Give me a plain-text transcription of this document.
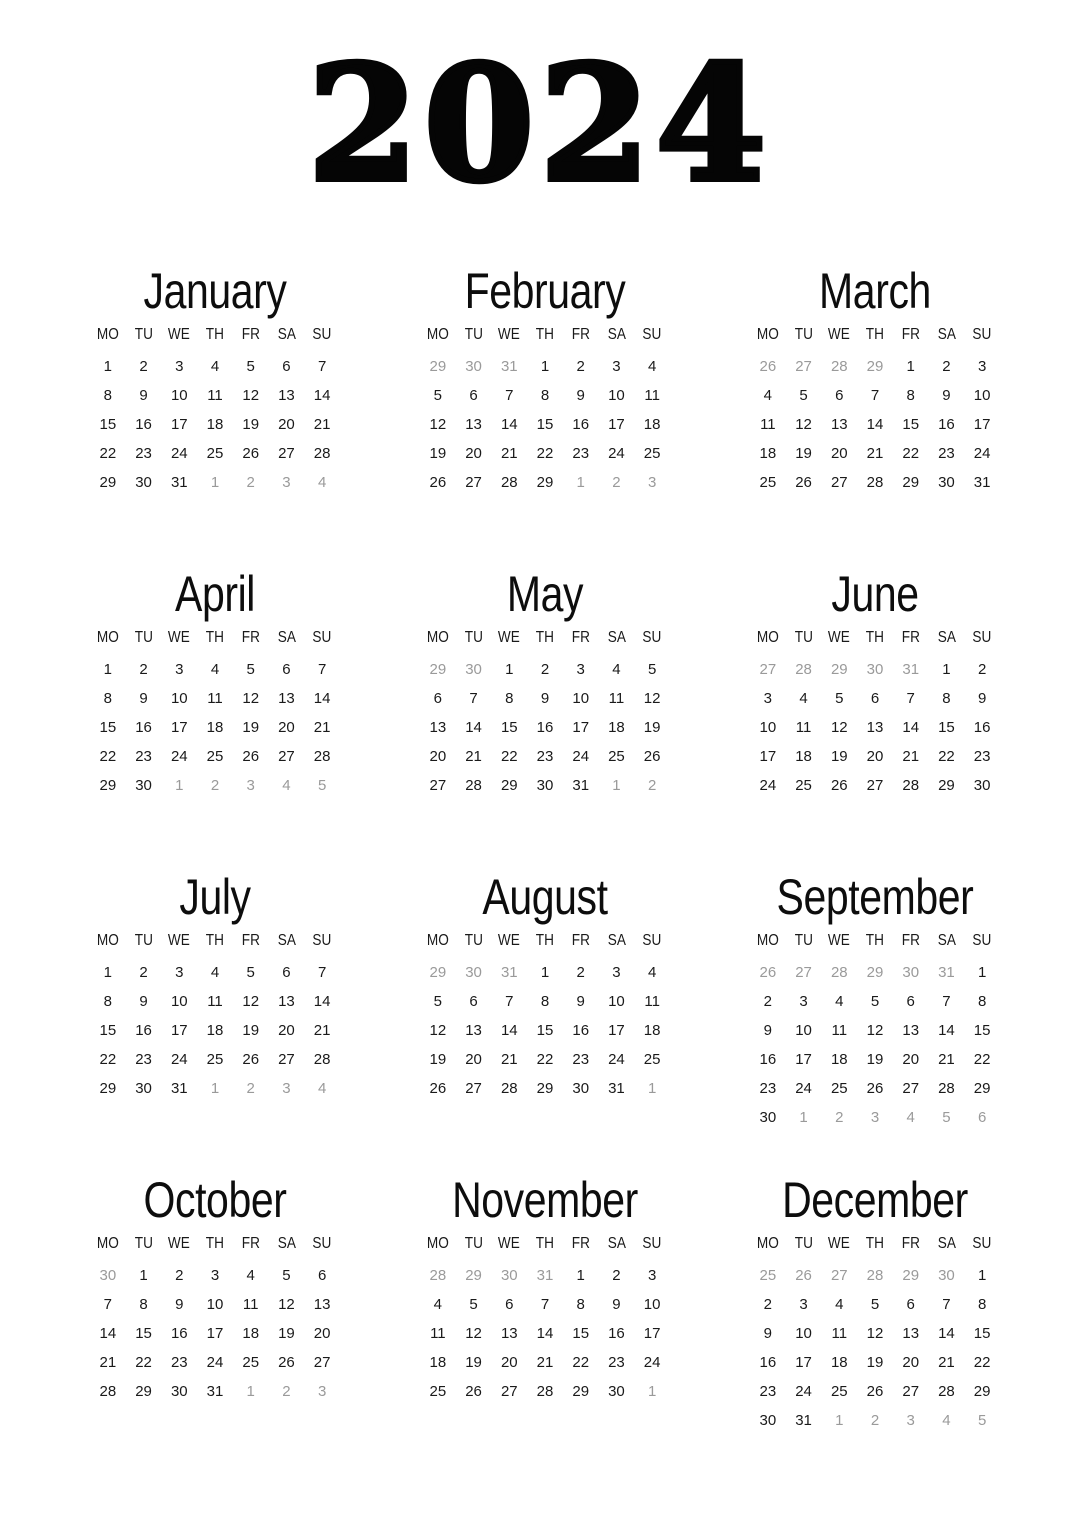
2024
January
MO TU WE TH	FR	SA	SU
1	2	3	4	5	6	7
8	9	10	11	12	13	14
15	16	17	18	19	20	21
22	23	24	25	26	27	28
29	30	31	1	2	3	4
February
MO TU WE TH	FR	SA	SU
29	30	31	1	2	3	4
5	6	7	8	9	10	11
12	13	14	15	16	17	18
19	20	21	22	23	24	25
26	27	28	29	1	2	3
March
MO TU WE TH	FR	SA	SU
26	27	28	29	1	2	3
4	5	6	7	8	9	10
11	12	13	14	15	16	17
18	19	20	21	22	23	24
25	26	27	28	29	30	31
April
MO TU WE TH	FR	SA	SU
1	2	3	4	5	6	7
8	9	10	11	12	13	14
15	16	17	18	19	20	21
22	23	24	25	26	27	28
29	30	1	2	3	4	5
May
MO TU WE TH	FR	SA	SU
29	30	1	2	3	4	5
6	7	8	9	10	11	12
13	14	15	16	17	18	19
20	21	22	23	24	25	26
27	28	29	30	31	1	2
June
MO TU WE TH	FR	SA	SU
27	28	29	30	31	1	2
3	4	5	6	7	8	9
10	11	12	13	14	15	16
17	18	19	20	21	22	23
24	25	26	27	28	29	30
July
MO TU WE TH	FR	SA	SU
1	2	3	4	5	6	7
8	9	10	11	12	13	14
15	16	17	18	19	20	21
22	23	24	25	26	27	28
29	30	31	1	2	3	4
August
MO TU WE TH	FR	SA	SU
29	30	31	1	2	3	4
5	6	7	8	9	10	11
12	13	14	15	16	17	18
19	20	21	22	23	24	25
26	27	28	29	30	31	1
September
MO TU WE TH	FR	SA	SU
26	27	28	29	30	31	1
2	3	4	5	6	7	8
9	10	11	12	13	14	15
16	17	18	19	20	21	22
23	24	25	26	27	28	29
30	1	2	3	4	5	6
October
MO TU WE TH	FR	SA	SU
30	1	2	3	4	5	6
7	8	9	10	11	12	13
14	15	16	17	18	19	20
21	22	23	24	25	26	27
28	29	30	31	1	2	3
November
MO TU WE TH	FR	SA	SU
28	29	30	31	1	2	3
4	5	6	7	8	9	10
11	12	13	14	15	16	17
18	19	20	21	22	23	24
25	26	27	28	29	30	1
December
MO TU WE TH	FR	SA	SU
25	26	27	28	29	30	1
2	3	4	5	6	7	8
9	10	11	12	13	14	15
16	17	18	19	20	21	22
23	24	25	26	27	28	29
30	31	1	2	3	4	5
